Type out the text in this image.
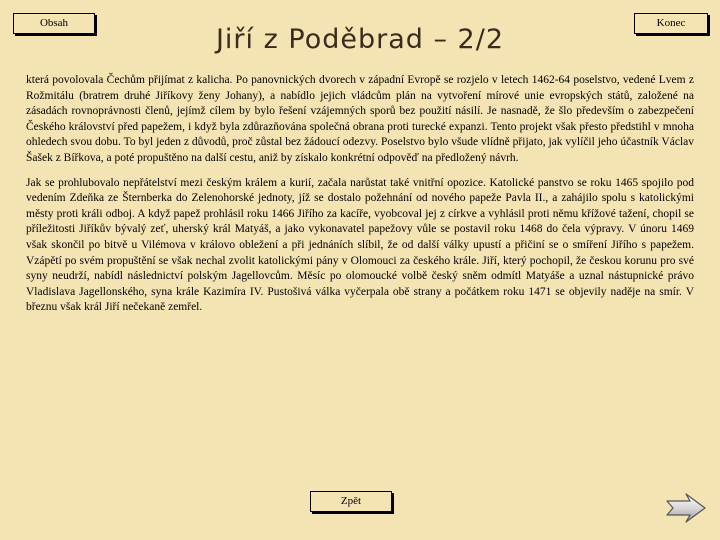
Obsah
Jiří z Poděbrad – 2/2
Konec

která povolovala Čechům přijímat z kalicha. Po panovnických dvorech v západní Evropě se rozjelo v letech 1462-64 poselstvo, vedené Lvem z Rožmitálu (bratrem druhé Jiříkovy ženy Johany), a nabídlo jejich vládcům plán na vytvoření mírové unie evropských států, založené na zásadách rovnoprávnosti členů, jejímž cílem by bylo řešení vzájemných sporů bez použití násilí. Je nasnadě, že šlo především o zabezpečení Českého království před papežem, i když byla zdůrazňována společná obrana proti turecké expanzi. Tento projekt však přesto předstihl v mnoha ohledech svou dobu. To byl jeden z důvodů, proč zůstal bez žádoucí odezvy. Poselstvo bylo všude vlídně přijato, jak vylíčil jeho účastník Václav Šašek z Bířkova, a poté propuštěno na další cestu, aniž by získalo konkrétní odpověď na předložený návrh.

Jak se prohlubovalo nepřátelství mezi českým králem a kurií, začala narůstat také vnitřní opozice. Katolické panstvo se roku 1465 spojilo pod vedením Zdeňka ze Šternberka do Zelenohorské jednoty, jíž se dostalo požehnání od nového papeže Pavla II., a zahájilo spolu s katolickými městy proti králi odboj. A když papež prohlásil roku 1466 Jiřího za kacíře, vyobcoval jej z církve a vyhlásil proti němu křížové tažení, chopil se příležitosti Jiříkův bývalý zeť, uherský král Matyáš, a jako vykonavatel papežovy vůle se postavil roku 1468 do čela výpravy. V únoru 1469 však skončil po bitvě u Vilémova v královo obležení a při jednáních slíbil, že od další války upustí a přičiní se o smíření Jiřího s papežem. Vzápětí po svém propuštění se však nechal zvolit katolickými pány v Olomouci za českého krále. Jiří, který pochopil, že českou korunu pro své syny neudrží, nabídl následnictví polským Jagellovcům. Měsíc po olomoucké volbě český sněm odmítl Matyáše a uznal nástupnické právo Vladislava Jagellonského, syna krále Kazimíra IV. Pustošivá válka vyčerpala obě strany a počátkem roku 1471 se objevily naděje na smír. V březnu však král Jiří nečekaně zemřel.

Zpět
